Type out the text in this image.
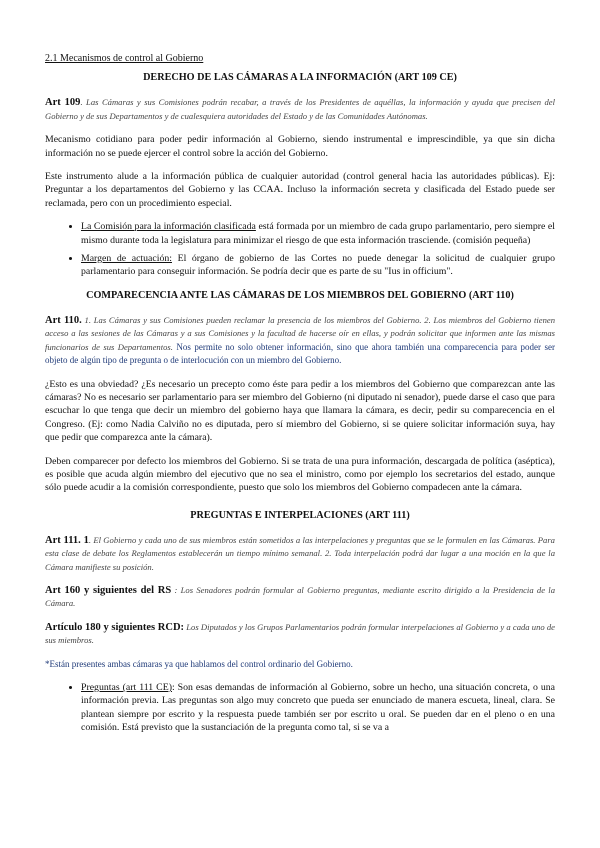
2.1 Mecanismos de control al Gobierno
DERECHO DE LAS CÁMARAS A LA INFORMACIÓN (ART 109 CE)

Art 109. Las Cámaras y sus Comisiones podrán recabar, a través de los Presidentes de aquéllas, la información y ayuda que precisen del Gobierno y de sus Departamentos y de cualesquiera autoridades del Estado y de las Comunidades Autónomas.

Mecanismo cotidiano para poder pedir información al Gobierno, siendo instrumental e imprescindible, ya que sin dicha información no se puede ejercer el control sobre la acción del Gobierno.

Este instrumento alude a la información pública de cualquier autoridad (control general hacia las autoridades públicas). Ej: Preguntar a los departamentos del Gobierno y las CCAA. Incluso la información secreta y clasificada del Estado puede ser reclamada, pero con un procedimiento especial.

• La Comisión para la información clasificada está formada por un miembro de cada grupo parlamentario, pero siempre el mismo durante toda la legislatura para minimizar el riesgo de que esta información trasciende. (comisión pequeña)
• Margen de actuación: El órgano de gobierno de las Cortes no puede denegar la solicitud de cualquier grupo parlamentario para conseguir información. Se podría decir que es parte de su "Ius in officium".
COMPARECENCIA ANTE LAS CÁMARAS DE LOS MIEMBROS DEL GOBIERNO (ART 110)

Art 110. 1. Las Cámaras y sus Comisiones pueden reclamar la presencia de los miembros del Gobierno. 2. Los miembros del Gobierno tienen acceso a las sesiones de las Cámaras y a sus Comisiones y la facultad de hacerse oír en ellas, y podrán solicitar que informen ante las mismas funcionarios de sus Departamentos. Nos permite no solo obtener información, sino que ahora también una comparecencia para poder ser objeto de algún tipo de pregunta o de interlocución con un miembro del Gobierno.

¿Esto es una obviedad? ¿Es necesario un precepto como éste para pedir a los miembros del Gobierno que comparezcan ante las cámaras? No es necesario ser parlamentario para ser miembro del Gobierno (ni diputado ni senador), puede darse el caso que para escuchar lo que tenga que decir un miembro del gobierno haya que llamara la cámara, es decir, pedir su comparecencia en el Congreso. (Ej: como Nadia Calviño no es diputada, pero sí miembro del Gobierno, si se quiere solicitar información suya, hay que pedir que comparezca ante la cámara).

Deben comparecer por defecto los miembros del Gobierno. Si se trata de una pura información, descargada de política (aséptica), es posible que acuda algún miembro del ejecutivo que no sea el ministro, como por ejemplo los secretarios del estado, aunque sólo puede acudir a la comisión correspondiente, puesto que solo los miembros del Gobierno compadecen ante la cámara.

PREGUNTAS E INTERPELACIONES (ART 111)

Art 111. 1. El Gobierno y cada uno de sus miembros están sometidos a las interpelaciones y preguntas que se le formulen en las Cámaras. Para esta clase de debate los Reglamentos establecerán un tiempo mínimo semanal. 2. Toda interpelación podrá dar lugar a una moción en la que la Cámara manifieste su posición.

Art 160 y siguientes del RS : Los Senadores podrán formular al Gobierno preguntas, mediante escrito dirigido a la Presidencia de la Cámara.

Artículo 180 y siguientes RCD: Los Diputados y los Grupos Parlamentarios podrán formular interpelaciones al Gobierno y a cada uno de sus miembros.

*Están presentes ambas cámaras ya que hablamos del control ordinario del Gobierno.

• Preguntas (art 111 CE): Son esas demandas de información al Gobierno, sobre un hecho, una situación concreta, o una información previa. Las preguntas son algo muy concreto que pueda ser enunciado de manera escueta, lineal, clara. Se plantean siempre por escrito y la respuesta puede también ser por escrito u oral. Se pueden dar en el pleno o en una comisión. Está previsto que la sustanciación de la pregunta como tal, si se va a
